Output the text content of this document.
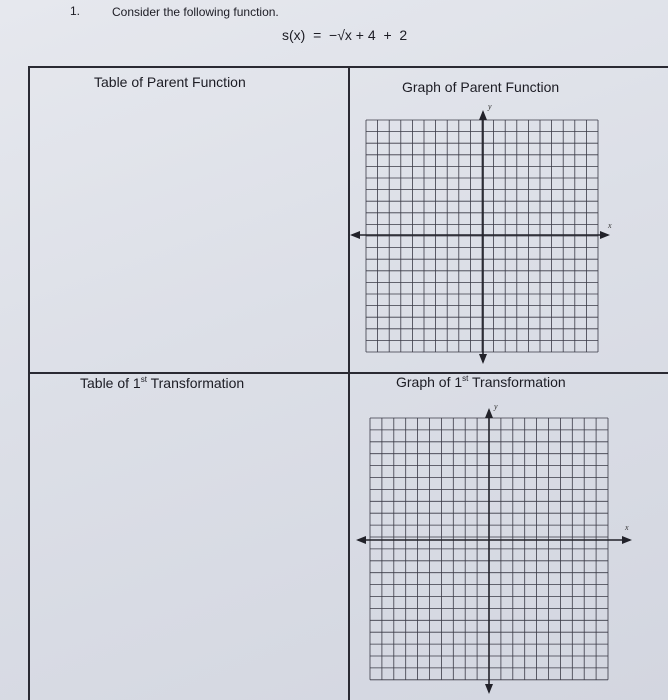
1.	Consider the following function.
s(x)  =  −√x + 4  +  2
Table of Parent Function	Graph of Parent Function
Table of 1st Transformation	Graph of 1st Transformation

x
y
x
y
